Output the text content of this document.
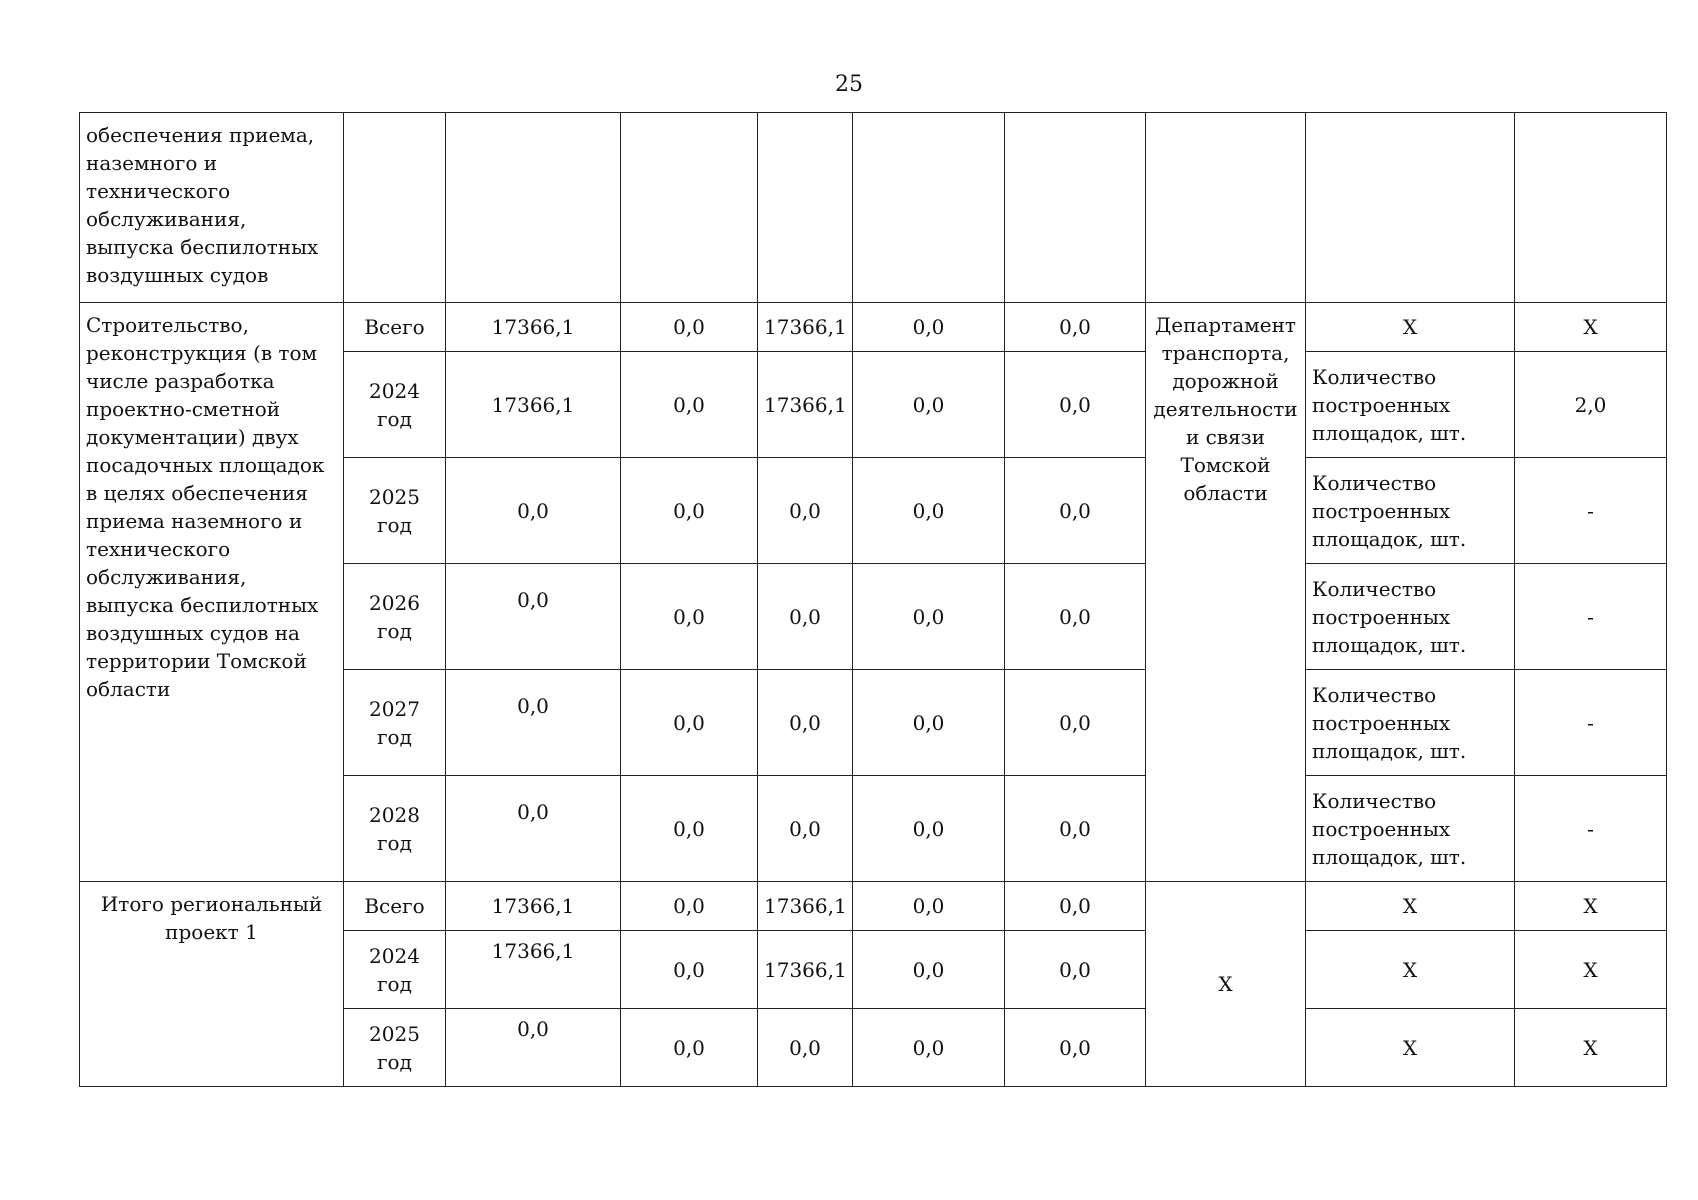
25
обеспечения приема, наземного и технического обслуживания, выпуска беспилотных воздушных судов									
Строительство, реконструкция (в том числе разработка проектно-сметной документации) двух посадочных площадок в целях обеспечения приема наземного и технического обслуживания, выпуска беспилотных воздушных судов на территории Томской области	Всего	17366,1	0,0	17366,1	0,0	0,0	Департамент транспорта, дорожной деятельности и связи Томской области	Х	Х
	2024 год	17366,1	0,0	17366,1	0,0	0,0		Количество построенных площадок, шт.	2,0
	2025 год	0,0	0,0	0,0	0,0	0,0		Количество построенных площадок, шт.	-
	2026 год	0,0	0,0	0,0	0,0	0,0		Количество построенных площадок, шт.	-
	2027 год	0,0	0,0	0,0	0,0	0,0		Количество построенных площадок, шт.	-
	2028 год	0,0	0,0	0,0	0,0	0,0		Количество построенных площадок, шт.	-
Итого региональный проект 1	Всего	17366,1	0,0	17366,1	0,0	0,0	Х	Х	Х
	2024 год	17366,1	0,0	17366,1	0,0	0,0		Х	Х
	2025 год	0,0	0,0	0,0	0,0	0,0		Х	Х
